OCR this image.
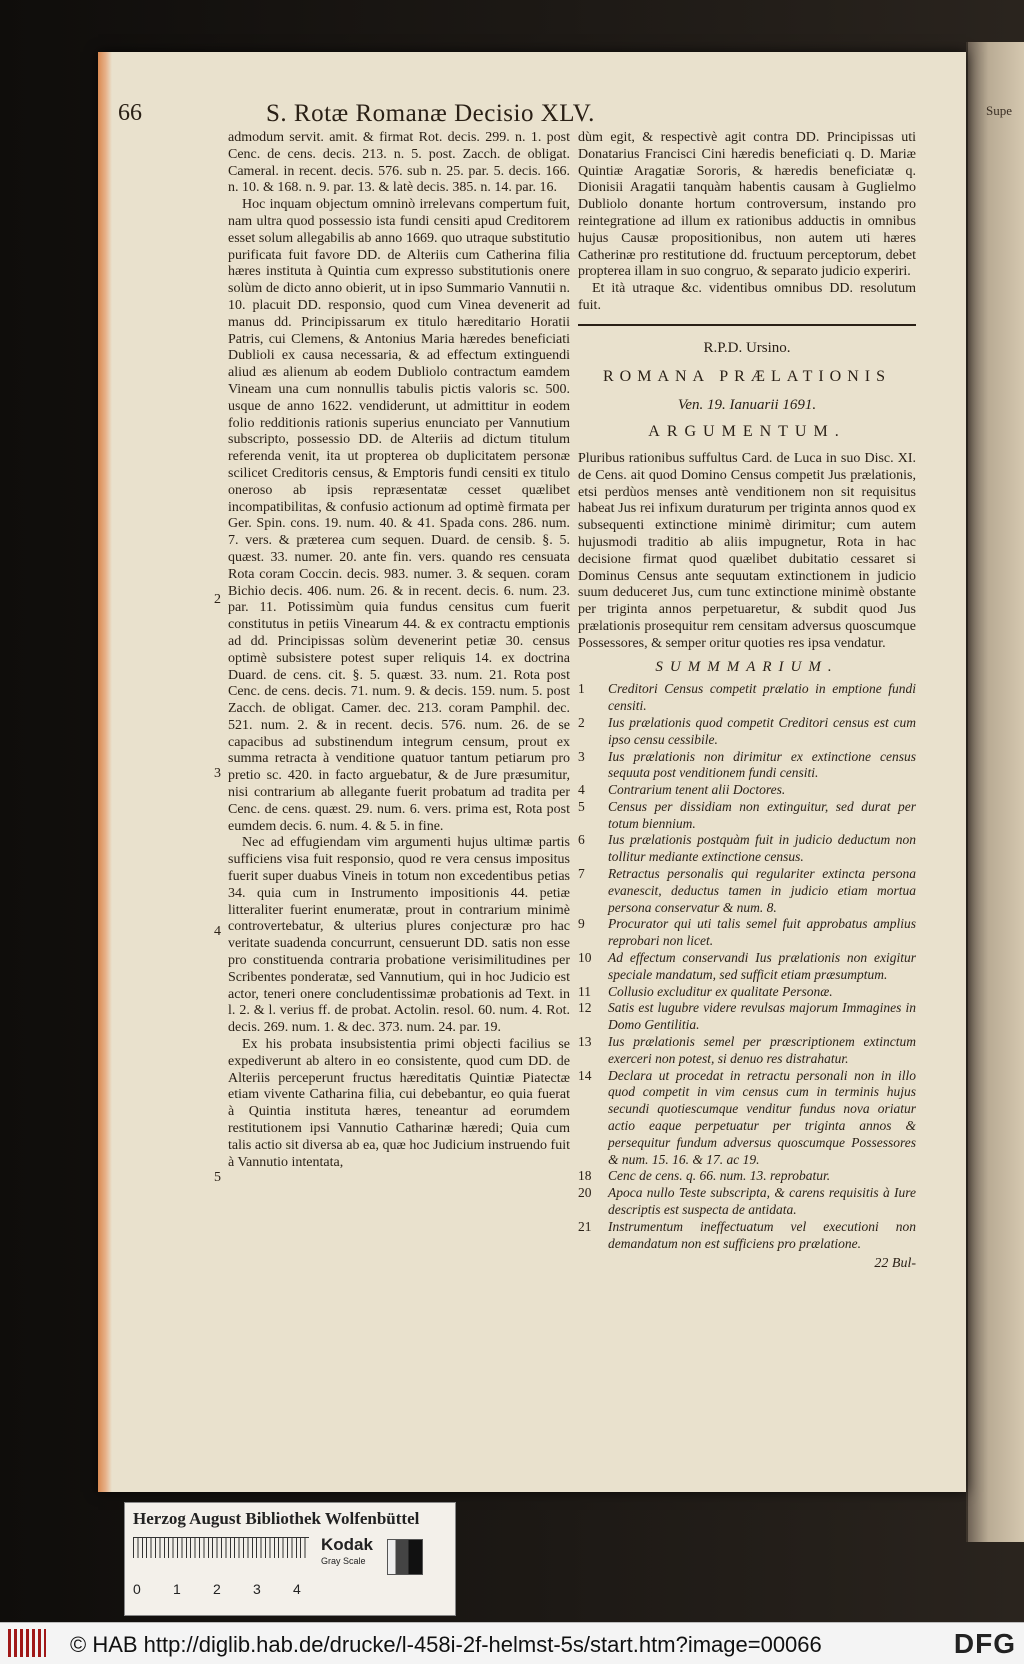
Supe
66	S. Rotæ Romanæ Decisio XLV.

admodum servit. amit. & firmat Rot. decis. 299. n. 1. post Cenc. de cens. decis. 213. n. 5. post. Zacch. de obligat. Cameral. in recent. decis. 576. sub n. 25. par. 5. decis. 166. n. 10. & 168. n. 9. par. 13. & latè decis. 385. n. 14. par. 16.

Hoc inquam objectum omninò irrelevans compertum fuit, nam ultra quod possessio ista fundi censiti apud Creditorem esset solum allegabilis ab anno 1669. quo utraque substitutio purificata fuit favore DD. de Alteriis cum Catherina filia hæres instituta à Quintia cum expresso substitutionis onere solùm de dicto anno obierit, ut in ipso Summario Vannutii n. 10. placuit DD. responsio, quod cum Vinea devenerit ad manus dd. Principissarum ex titulo hæreditario Horatii Patris, cui Clemens, & Antonius Maria hæredes beneficiati Dublioli ex causa necessaria, & ad effectum extinguendi aliud æs alienum ab eodem Dubliolo contractum eamdem Vineam una cum nonnullis tabulis pictis valoris sc. 500. usque de anno 1622. vendiderunt, ut admittitur in eodem folio redditionis rationis superius enunciato per Vannutium subscripto, possessio DD. de Alteriis ad dictum titulum referenda venit, ita ut propterea ob duplicitatem personæ scilicet Creditoris census, & Emptoris fundi censiti ex titulo oneroso ab ipsis repræsentatæ cesset quælibet incompatibilitas, & confusio actionum ad optimè firmata per Ger. Spin. cons. 19. num. 40. & 41. Spada cons. 286. num. 7. vers. & præterea cum sequen. Duard. de censib. §. 5. quæst. 33. numer. 20. ante fin. vers. quando res censuata Rota coram Coccin. decis. 983. numer. 3. & sequen. coram Bichio decis. 406. num. 26. & in recent. decis. 6. num. 23. par. 11. Potissimùm quia fundus censitus cum fuerit constitutus in petiis Vinearum 44. & ex contractu emptionis ad dd. Principissas solùm devenerint petiæ 30. census optimè subsistere potest super reliquis 14. ex doctrina Duard. de cens. cit. §. 5. quæst. 33. num. 21. Rota post Cenc. de cens. decis. 71. num. 9. & decis. 159. num. 5. post Zacch. de obligat. Camer. dec. 213. coram Pamphil. dec. 521. num. 2. & in recent. decis. 576. num. 26. de se capacibus ad substinendum integrum censum, prout ex summa retracta à venditione quatuor tantum petiarum pro pretio sc. 420. in facto arguebatur, & de Jure præsumitur, nisi contrarium ab allegante fuerit probatum ad tradita per Cenc. de cens. quæst. 29. num. 6. vers. prima est, Rota post eumdem decis. 6. num. 4. & 5. in fine.

Nec ad effugiendam vim argumenti hujus ultimæ partis sufficiens visa fuit responsio, quod re vera census impositus fuerit super duabus Vineis in totum non excedentibus petias 34. quia cum in Instrumento impositionis 44. petiæ litteraliter fuerint enumeratæ, prout in contrarium minimè controvertebatur, & ulterius plures conjecturæ pro hac veritate suadenda concurrunt, censuerunt DD. satis non esse pro constituenda contraria probatione verisimilitudines per Scribentes ponderatæ, sed Vannutium, qui in hoc Judicio est actor, teneri onere concludentissimæ probationis ad Text. in l. 2. & l. verius ff. de probat. Actolin. resol. 60. num. 4. Rot. decis. 269. num. 1. & dec. 373. num. 24. par. 19.

Ex his probata insubsistentia primi objecti facilius se expediverunt ab altero in eo consistente, quod cum DD. de Alteriis perceperunt fructus hæreditatis Quintiæ Piatectæ etiam vivente Catharina filia, cui debebantur, eo quia fuerat à Quintia instituta hæres, teneantur ad eorumdem restitutionem ipsi Vannutio Catharinæ hæredi; Quia cum talis actio sit diversa ab ea, quæ hoc Judicium instruendo fuit à Vannutio intentata,

2
3
4
5

dùm egit, & respectivè agit contra DD. Principissas uti Donatarius Francisci Cini hæredis beneficiati q. D. Mariæ Quintiæ Aragatiæ Sororis, & hæredis beneficiatæ q. Dionisii Aragatii tanquàm habentis causam à Guglielmo Dubliolo donante hortum controversum, instando pro reintegratione ad illum ex rationibus adductis in omnibus hujus Causæ propositionibus, non autem uti hæres Catherinæ pro restitutione dd. fructuum perceptorum, debet propterea illam in suo congruo, & separato judicio experiri.

Et ità utraque &c. videntibus omnibus DD. resolutum fuit.

R.P.D. Ursino.
ROMANA PRÆLATIONIS
Ven. 19. Ianuarii 1691.
ARGUMENTUM.

Pluribus rationibus suffultus Card. de Luca in suo Disc. XI. de Cens. ait quod Domino Census competit Jus prælationis, etsi perdùos menses antè venditionem non sit requisitus habeat Jus rei infixum duraturum per triginta annos quod ex subsequenti extinctione minimè dirimitur; cum autem hujusmodi traditio ab aliis impugnetur, Rota in hac decisione firmat quod quælibet dubitatio cessaret si Dominus Census ante sequutam extinctionem in judicio suum deduceret Jus, cum tunc extinctione minimè obstante per triginta annos perpetuaretur, & subdit quod Jus prælationis prosequitur rem censitam adversus quoscumque Possessores, & semper oritur quoties res ipsa vendatur.

SUMMMARIUM.
1 Creditori Census competit prælatio in emptione fundi censiti.
2 Ius prælationis quod competit Creditori census est cum ipso censu cessibile.
3 Ius prælationis non dirimitur ex extinctione census sequuta post venditionem fundi censiti.
4 Contrarium tenent alii Doctores.
5 Census per dissidiam non extinguitur, sed durat per totum biennium.
6 Ius prælationis postquàm fuit in judicio deductum non tollitur mediante extinctione census.
7 Retractus personalis qui regulariter extincta persona evanescit, deductus tamen in judicio etiam mortua persona conservatur & num. 8.
9 Procurator qui uti talis semel fuit approbatus amplius reprobari non licet.
10 Ad effectum conservandi Ius prælationis non exigitur speciale mandatum, sed sufficit etiam præsumptum.
11 Collusio excluditur ex qualitate Personæ.
12 Satis est lugubre videre revulsas majorum Immagines in Domo Gentilitia.
13 Ius prælationis semel per præscriptionem extinctum exerceri non potest, si denuo res distrahatur.
14 Declara ut procedat in retractu personali non in illo quod competit in vim census cum in terminis hujus secundi quotiescumque venditur fundus nova oriatur actio eaque perpetuatur per triginta annos & persequitur fundum adversus quoscumque Possessores & num. 15. 16. & 17. ac 19.
18 Cenc de cens. q. 66. num. 13. reprobatur.
20 Apoca nullo Teste subscripta, & carens requisitis à Iure descriptis est suspecta de antidata.
21 Instrumentum ineffectuatum vel executioni non demandatum non est sufficiens pro prælatione.
22 Bul-
Herzog August Bibliothek Wolfenbüttel
0 1 2 3 4
Kodak
Gray Scale
© HAB http://diglib.hab.de/drucke/l-458i-2f-helmst-5s/start.htm?image=00066	DFG
